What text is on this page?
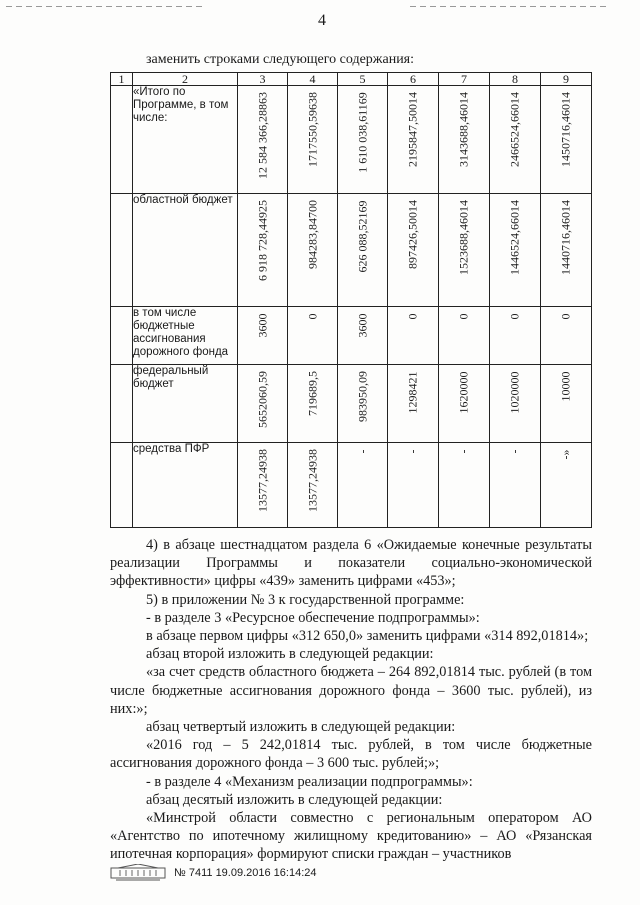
4
заменить строками следующего содержания:
1	2	3	4	5	6	7	8	9
	«Итого по Программе, в том числе:	12 584 366,28863	1717550,59638	1 610 038,61169	2195847,50014	3143688,46014	2466524,66014	1450716,46014

	областной бюджет	6 918 728,44925	984283,84700	626 088,52169	897426,50014	1523688,46014	1446524,66014	1440716,46014

	в том числе бюджетные ассигнования дорожного фонда	3600	0	3600	0	0	0	0

	федеральный бюджет	5652060,59	719689,5	983950,09	1298421	1620000	1020000	10000

	средства ПФР	13577,24938	13577,24938	-	-	-	-	-»

4) в абзаце шестнадцатом раздела 6 «Ожидаемые конечные результаты реализации Программы и показатели социально-экономической эффективности» цифры «439» заменить цифрами «453»;

5) в приложении № 3 к государственной программе:

- в разделе 3 «Ресурсное обеспечение подпрограммы»:

в абзаце первом цифры «312 650,0» заменить цифрами «314 892,01814»;

абзац второй изложить в следующей редакции:

«за счет средств областного бюджета – 264 892,01814 тыс. рублей (в том числе бюджетные ассигнования дорожного фонда – 3600 тыс. рублей), из них:»;

абзац четвертый изложить в следующей редакции:

«2016 год – 5 242,01814 тыс. рублей, в том числе бюджетные ассигнования дорожного фонда – 3 600 тыс. рублей;»;

- в разделе 4 «Механизм реализации подпрограммы»:

абзац десятый изложить в следующей редакции:

«Минстрой области совместно с региональным оператором АО «Агентство по ипотечному жилищному кредитованию» – АО «Рязанская ипотечная корпорация» формируют списки граждан – участников

№ 7411 19.09.2016 16:14:24
